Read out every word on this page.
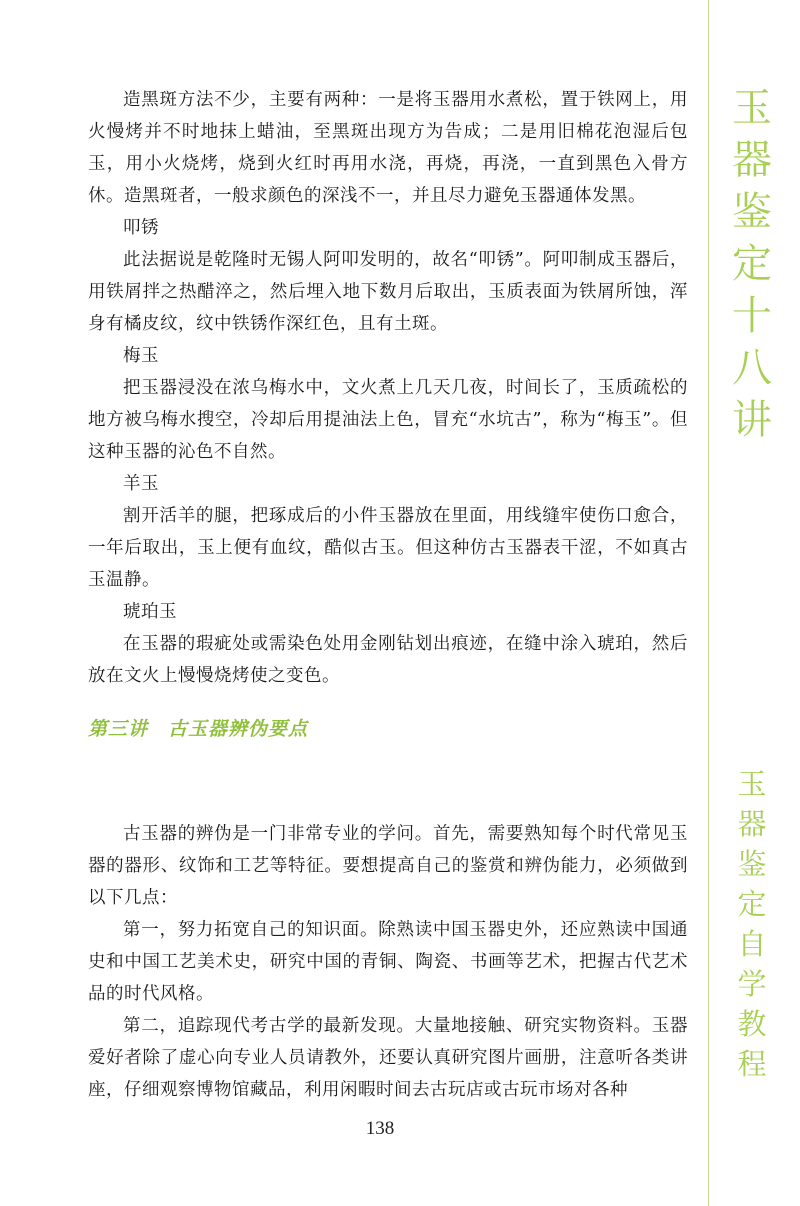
造黑斑方法不少，主要有两种：一是将玉器用水煮松，置于铁网上，用火慢烤并不时地抹上蜡油，至黑斑出现方为告成；二是用旧棉花泡湿后包玉，用小火烧烤，烧到火红时再用水浇，再烧，再浇，一直到黑色入骨方休。造黑斑者，一般求颜色的深浅不一，并且尽力避免玉器通体发黑。

叩锈

此法据说是乾隆时无锡人阿叩发明的，故名“叩锈”。阿叩制成玉器后，用铁屑拌之热醋淬之，然后埋入地下数月后取出，玉质表面为铁屑所蚀，浑身有橘皮纹，纹中铁锈作深红色，且有土斑。

梅玉

把玉器浸没在浓乌梅水中，文火煮上几天几夜，时间长了，玉质疏松的地方被乌梅水搜空，冷却后用提油法上色，冒充“水坑古”，称为“梅玉”。但这种玉器的沁色不自然。

羊玉

割开活羊的腿，把琢成后的小件玉器放在里面，用线缝牢使伤口愈合，一年后取出，玉上便有血纹，酷似古玉。但这种仿古玉器表干涩，不如真古玉温静。

琥珀玉

在玉器的瑕疵处或需染色处用金刚钻划出痕迹，在缝中涂入琥珀，然后放在文火上慢慢烧烤使之变色。

第三讲　古玉器辨伪要点

古玉器的辨伪是一门非常专业的学问。首先，需要熟知每个时代常见玉器的器形、纹饰和工艺等特征。要想提高自己的鉴赏和辨伪能力，必须做到以下几点：

第一，努力拓宽自己的知识面。除熟读中国玉器史外，还应熟读中国通史和中国工艺美术史，研究中国的青铜、陶瓷、书画等艺术，把握古代艺术品的时代风格。

第二，追踪现代考古学的最新发现。大量地接触、研究实物资料。玉器爱好者除了虚心向专业人员请教外，还要认真研究图片画册，注意听各类讲座，仔细观察博物馆藏品，利用闲暇时间去古玩店或古玩市场对各种

138
玉
器
鉴
定
十
八
讲
玉
器
鉴
定
自
学
教
程
